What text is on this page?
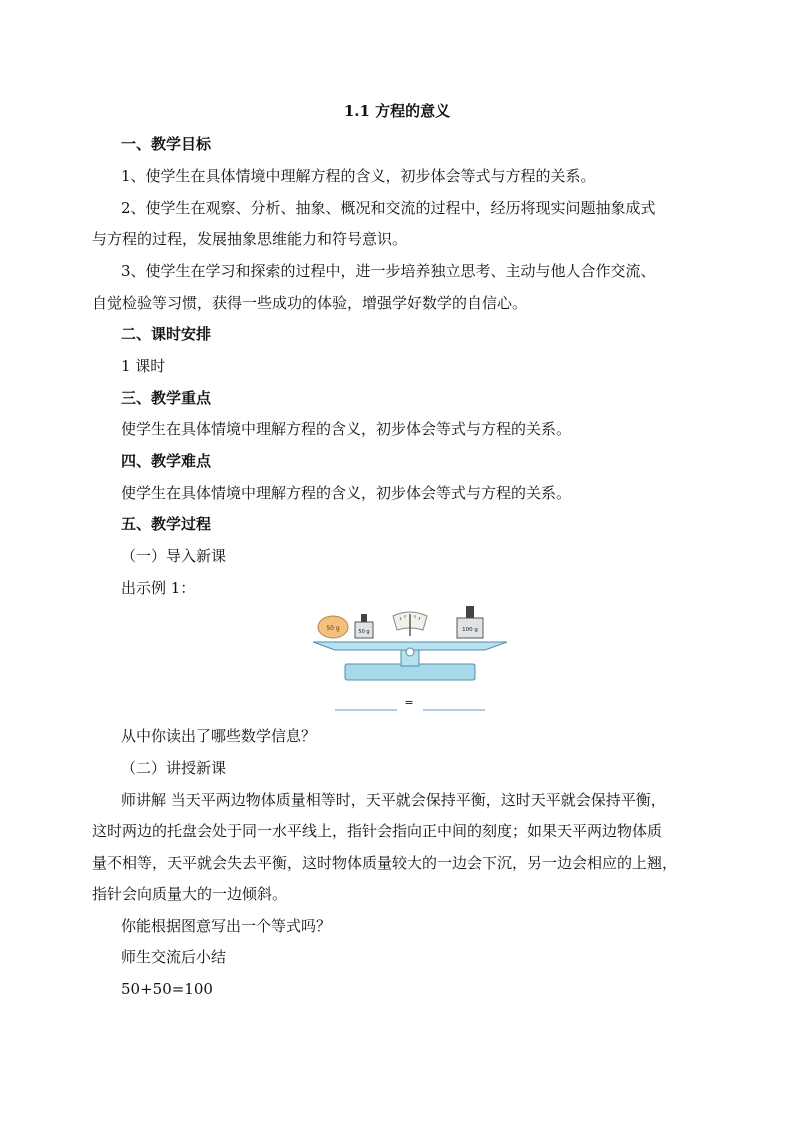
1.1 方程的意义
一、教学目标
1、使学生在具体情境中理解方程的含义，初步体会等式与方程的关系。
2、使学生在观察、分析、抽象、概况和交流的过程中，经历将现实问题抽象成式
与方程的过程，发展抽象思维能力和符号意识。
3、使学生在学习和探索的过程中，进一步培养独立思考、主动与他人合作交流、
自觉检验等习惯，获得一些成功的体验，增强学好数学的自信心。
二、课时安排
1 课时
三、教学重点
使学生在具体情境中理解方程的含义，初步体会等式与方程的关系。
四、教学难点
使学生在具体情境中理解方程的含义，初步体会等式与方程的关系。
五、教学过程
（一）导入新课
出示例 1：
50 g	50 g	100 g
=
从中你读出了哪些数学信息？
（二）讲授新课
师讲解 当天平两边物体质量相等时，天平就会保持平衡，这时天平就会保持平衡，
这时两边的托盘会处于同一水平线上，指针会指向正中间的刻度；如果天平两边物体质
量不相等，天平就会失去平衡，这时物体质量较大的一边会下沉，另一边会相应的上翘，
指针会向质量大的一边倾斜。
你能根据图意写出一个等式吗？
师生交流后小结
50+50=100
